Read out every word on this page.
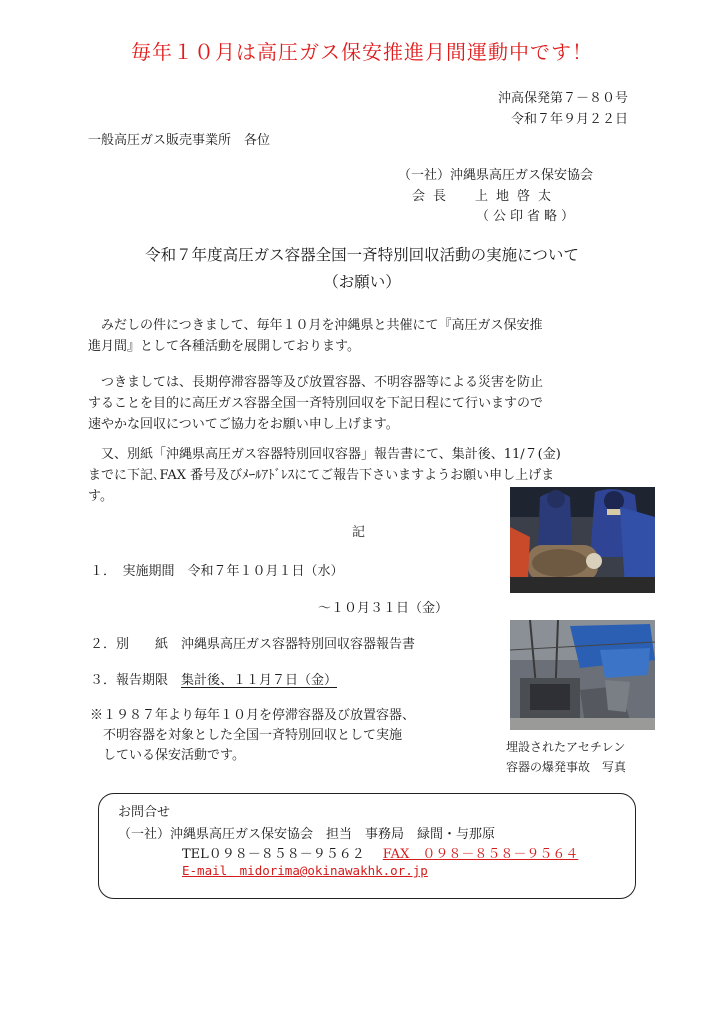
毎年１０月は高圧ガス保安推進月間運動中です！
沖高保発第７－８０号
令和７年９月２２日
一般高圧ガス販売事業所　各位
（一社）沖縄県高圧ガス保安協会
会長　上地啓太
（公印省略）
令和７年度高圧ガス容器全国一斉特別回収活動の実施について
（お願い）
みだしの件につきまして、毎年１０月を沖縄県と共催にて『高圧ガス保安推
進月間』として各種活動を展開しております。
つきましては、長期停滞容器等及び放置容器、不明容器等による災害を防止
することを目的に高圧ガス容器全国一斉特別回収を下記日程にて行いますので
速やかな回収についてご協力をお願い申し上げます。
又、別紙「沖縄県高圧ガス容器特別回収容器」報告書にて、集計後、11/７(金)
までに下記､FAX 番号及びﾒｰﾙｱﾄﾞﾚｽにてご報告下さいますようお願い申し上げま
す。
記
１．　実施期間　令和７年１０月１日（水）
～１０月３１日（金）
２．別　　紙　沖縄県高圧ガス容器特別回収容器報告書
３．報告期限　集計後、１１月７日（金）
※１９８７年より毎年１０月を停滞容器及び放置容器、
　不明容器を対象とした全国一斉特別回収として実施
　している保安活動です。
埋設されたアセチレン
容器の爆発事故　写真
お問合せ
（一社）沖縄県高圧ガス保安協会　担当　事務局　緑間・与那原
TEL０９８－８５８－９５６２ FAX　０９８－８５８－９５６４
E-mail　midorima@okinawakhk.or.jp
